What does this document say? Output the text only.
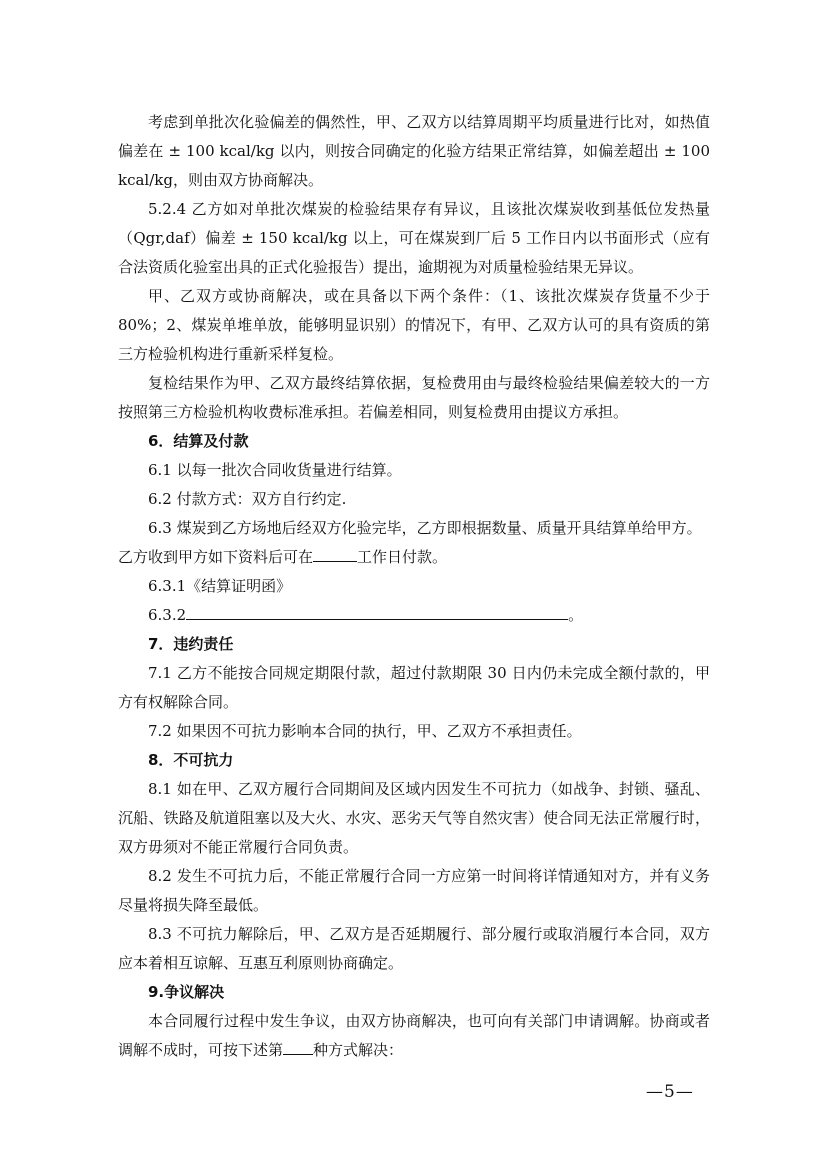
考虑到单批次化验偏差的偶然性，甲、乙双方以结算周期平均质量进行比对，如热值偏差在 ± 100 kcal/kg 以内，则按合同确定的化验方结果正常结算，如偏差超出 ± 100 kcal/kg，则由双方协商解决。

5.2.4 乙方如对单批次煤炭的检验结果存有异议，且该批次煤炭收到基低位发热量（Qgr,daf）偏差 ± 150 kcal/kg 以上，可在煤炭到厂后 5 工作日内以书面形式（应有合法资质化验室出具的正式化验报告）提出，逾期视为对质量检验结果无异议。

甲、乙双方或协商解决，或在具备以下两个条件：（1、该批次煤炭存货量不少于 80%；2、煤炭单堆单放，能够明显识别）的情况下，有甲、乙双方认可的具有资质的第三方检验机构进行重新采样复检。

复检结果作为甲、乙双方最终结算依据，复检费用由与最终检验结果偏差较大的一方按照第三方检验机构收费标准承担。若偏差相同，则复检费用由提议方承担。

6．结算及付款

6.1 以每一批次合同收货量进行结算。

6.2 付款方式：双方自行约定.

6.3 煤炭到乙方场地后经双方化验完毕，乙方即根据数量、质量开具结算单给甲方。

乙方收到甲方如下资料后可在	工作日付款。

6.3.1《结算证明函》

6.3.2	。

7．违约责任

7.1 乙方不能按合同规定期限付款，超过付款期限 30 日内仍未完成全额付款的，甲方有权解除合同。

7.2 如果因不可抗力影响本合同的执行，甲、乙双方不承担责任。

8．不可抗力

8.1 如在甲、乙双方履行合同期间及区域内因发生不可抗力（如战争、封锁、骚乱、沉船、铁路及航道阻塞以及大火、水灾、恶劣天气等自然灾害）使合同无法正常履行时，双方毋须对不能正常履行合同负责。

8.2 发生不可抗力后，不能正常履行合同一方应第一时间将详情通知对方，并有义务尽量将损失降至最低。

8.3 不可抗力解除后，甲、乙双方是否延期履行、部分履行或取消履行本合同，双方应本着相互谅解、互惠互利原则协商确定。

9.争议解决

本合同履行过程中发生争议，由双方协商解决，也可向有关部门申请调解。协商或者调解不成时，可按下述第 种方式解决：

—5—
